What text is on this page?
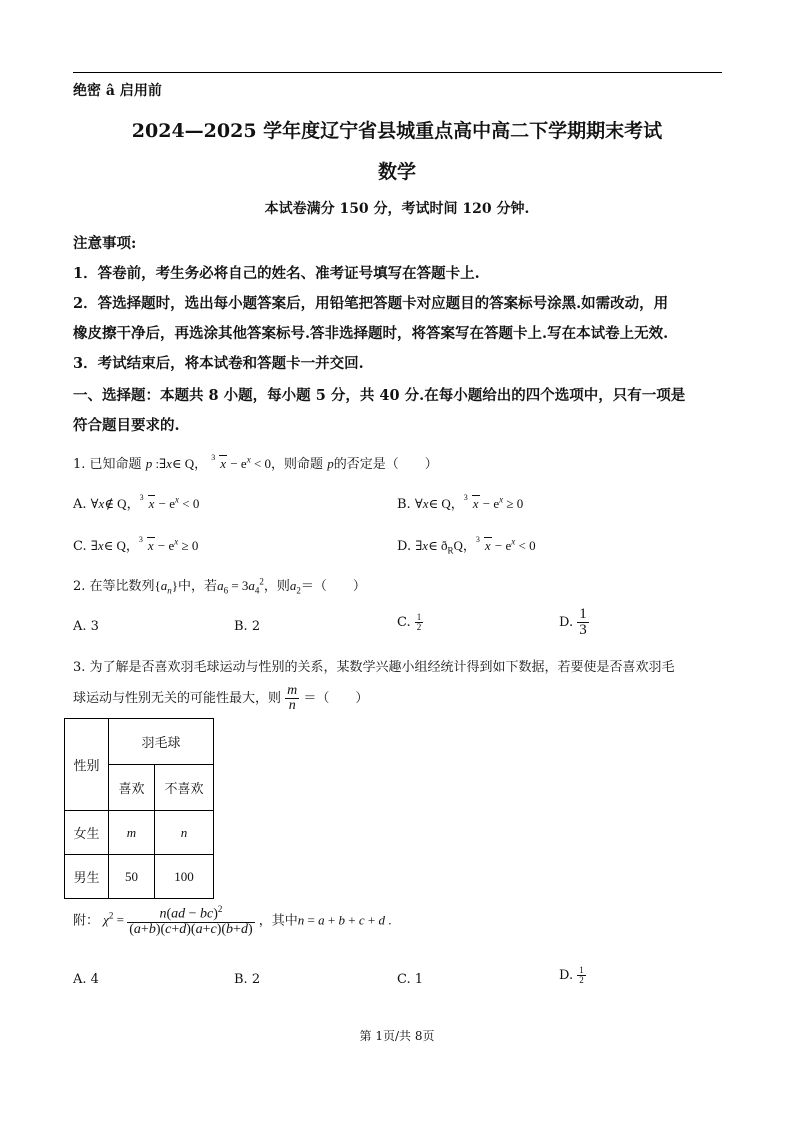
绝密 â 启用前
2024—2025 学年度辽宁省县城重点高中高二下学期期末考试
数学
本试卷满分 150 分，考试时间 120 分钟.
注意事项:
1．答卷前，考生务必将自己的姓名、准考证号填写在答题卡上.
2．答选择题时，选出每小题答案后，用铅笔把答题卡对应题目的答案标号涂黑.如需改动，用
橡皮擦干净后，再选涂其他答案标号.答非选择题时，将答案写在答题卡上.写在本试卷上无效.
3．考试结束后，将本试卷和答题卡一并交回.
一、选择题：本题共 8 小题，每小题 5 分，共 40 分.在每小题给出的四个选项中，只有一项是
符合题目要求的.
1. 已知命题 p :∃x∈ Q， 3 $x - e^x < 0$，则命题 p的否定是（　　）
A. ∀x∉ Q， 3 $x - e^x < 0$	B. ∀x∈ Q， 3 $x - e^x \ge 0$
C. ∃x∈ Q， 3 $x - e^x \ge 0$	D. ∃x∈ $ð_RQ$， 3 $x - e^x < 0$
2. 在等比数列$\{a_n\}$中，若$a_6 = 3a_4^2$，则$a_2=$（　　）
A. 3	B. 2	C. $\frac{1}{2}$	D. $\frac{1}{3}$
3. 为了解是否喜欢羽毛球运动与性别的关系，某数学兴趣小组经统计得到如下数据，若要使是否喜欢羽毛
球运动与性别无关的可能性最大，则 $\frac{m}{n}$ ＝（　　）
性别	羽毛球	
	喜欢	不喜欢
女生	m	n
男生	50	100
附： $\chi^2 = \frac{n(ad - bc)^2}{(a+b)(c+d)(a+c)(b+d)}$ ，其中n = a + b + c + d .
A. 4	B. 2	C. 1	D. $\frac{1}{2}$
第 1页/共 8页
